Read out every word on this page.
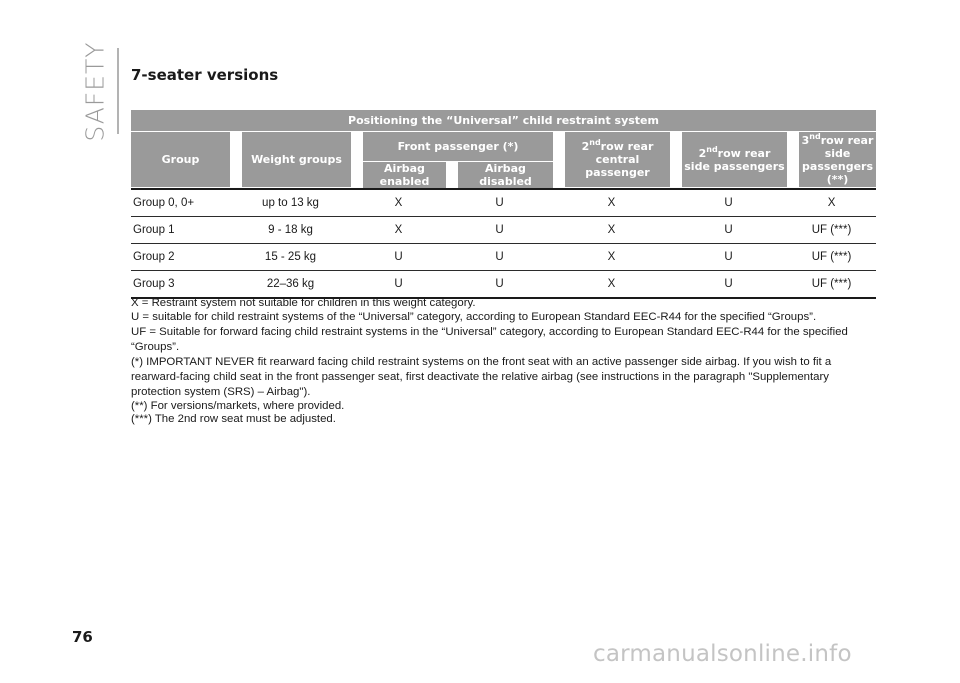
SAFETY 7-seater versions
Positioning the “Universal” child restraint system						
Group	Weight groups	Front passenger (*)		2ndrow rear central passenger	2ndrow rear side passengers	3ndrow rear side passengers (**)
		Airbag enabled	Airbag disabled			
Group 0, 0+	up to 13 kg	X	U	X	U	X
Group 1	9 - 18 kg	X	U	X	U	UF (***)
Group 2	15 - 25 kg	U	U	X	U	UF (***)
Group 3	22–36 kg	U	U	X	U	UF (***)

X = Restraint system not suitable for children in this weight category.

U = suitable for child restraint systems of the “Universal” category, according to European Standard EEC-R44 for the specified “Groups”.

UF = Suitable for forward facing child restraint systems in the “Universal” category, according to European Standard EEC-R44 for the specified “Groups”.

(*) IMPORTANT NEVER fit rearward facing child restraint systems on the front seat with an active passenger side airbag. If you wish to fit a rearward-facing child seat in the front passenger seat, first deactivate the relative airbag (see instructions in the paragraph "Supplementary protection system (SRS) – Airbag").

(**) For versions/markets, where provided.

(***) The 2nd row seat must be adjusted.

76
carmanualsonline.info
